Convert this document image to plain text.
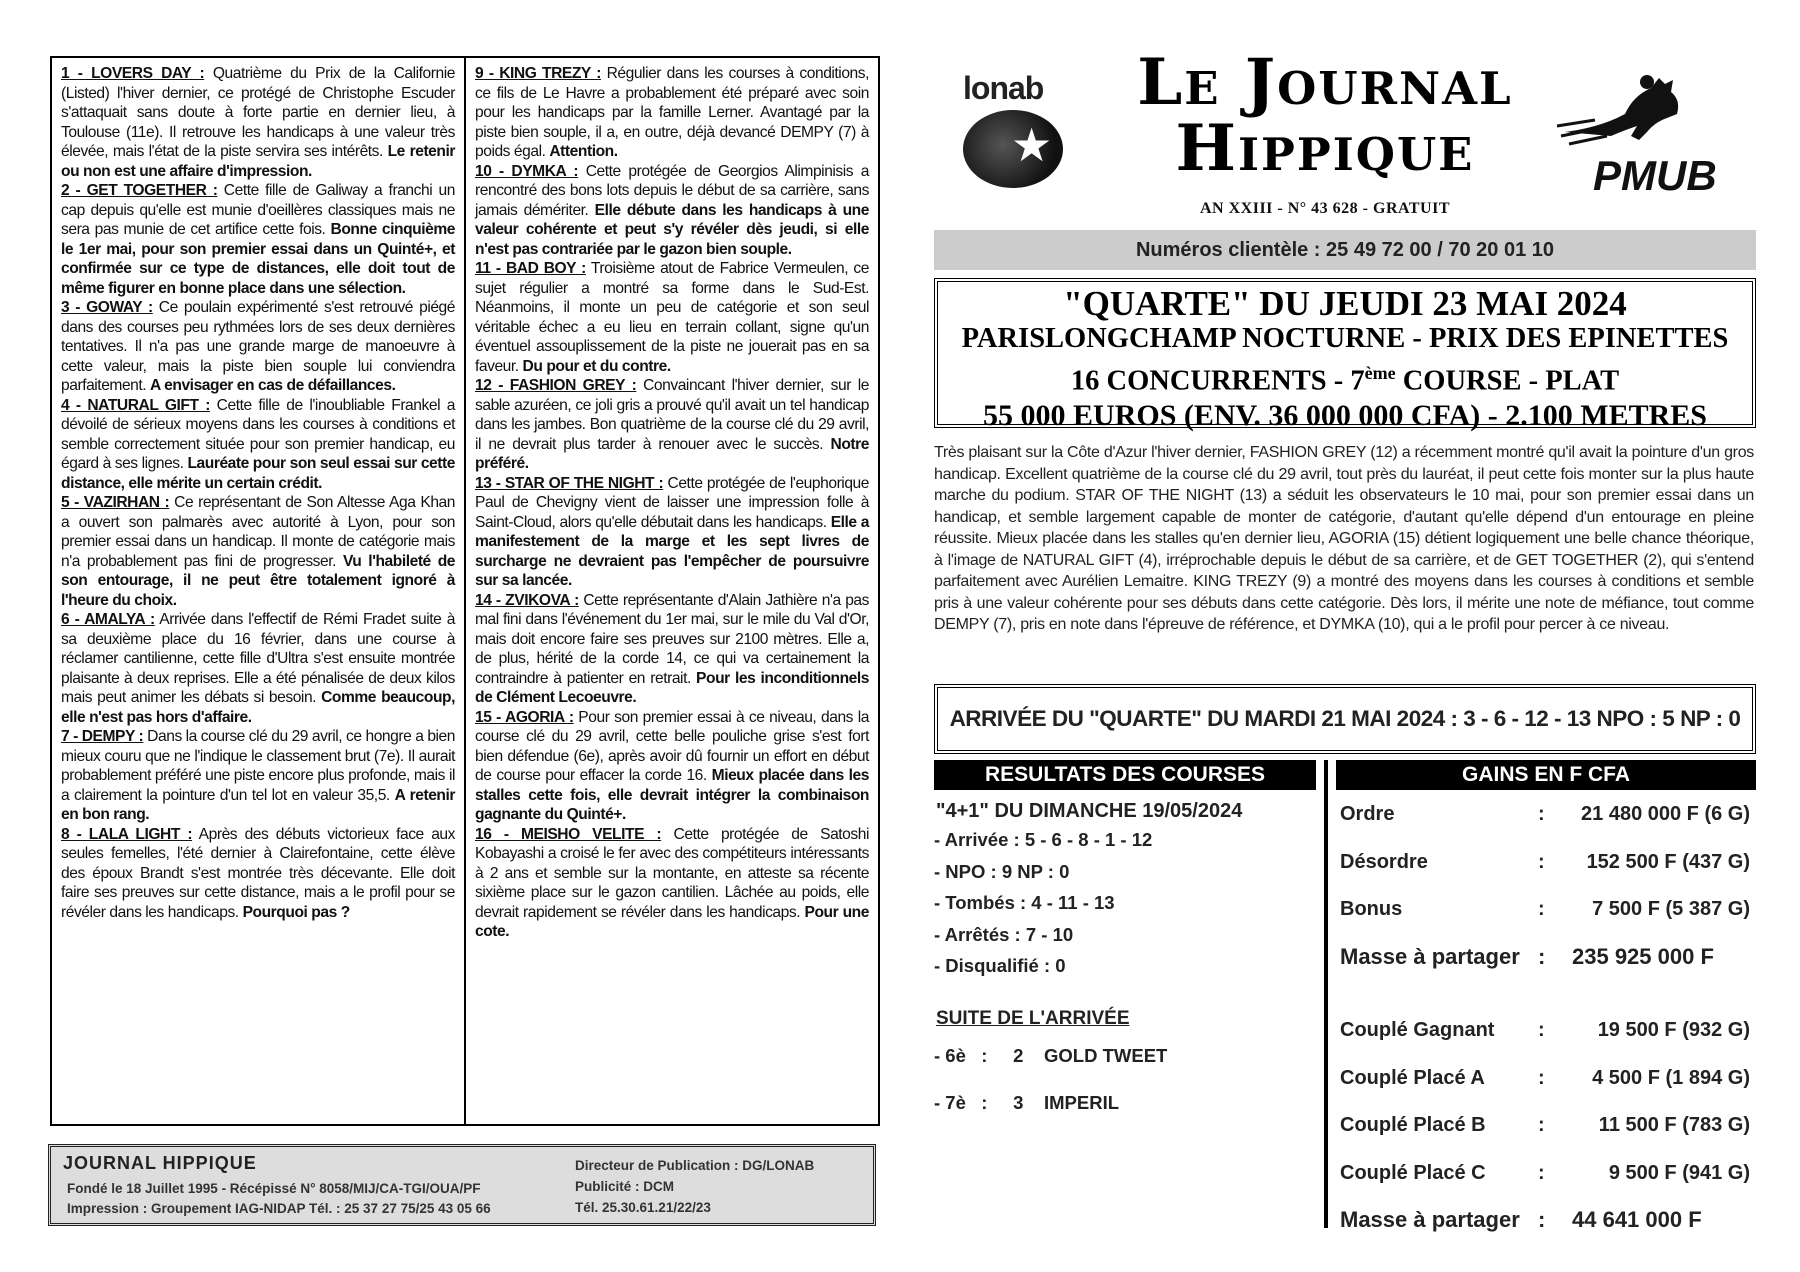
1 - LOVERS DAY : Quatrième du Prix de la Californie (Listed) l'hiver dernier, ce protégé de Christophe Escuder s'attaquait sans doute à forte partie en dernier lieu, à Toulouse (11e). Il retrouve les handicaps à une valeur très élevée, mais l'état de la piste servira ses intérêts. Le retenir ou non est une affaire d'impression.
2 - GET TOGETHER : Cette fille de Galiway a franchi un cap depuis qu'elle est munie d'oeillères classiques mais ne sera pas munie de cet artifice cette fois. Bonne cinquième le 1er mai, pour son premier essai dans un Quinté+, et confirmée sur ce type de distances, elle doit tout de même figurer en bonne place dans une sélection.
3 - GOWAY : Ce poulain expérimenté s'est retrouvé piégé dans des courses peu rythmées lors de ses deux dernières tentatives. Il n'a pas une grande marge de manoeuvre à cette valeur, mais la piste bien souple lui conviendra parfaitement. A envisager en cas de défaillances.
4 - NATURAL GIFT : Cette fille de l'inoubliable Frankel a dévoilé de sérieux moyens dans les courses à conditions et semble correctement située pour son premier handicap, eu égard à ses lignes. Lauréate pour son seul essai sur cette distance, elle mérite un certain crédit.
5 - VAZIRHAN : Ce représentant de Son Altesse Aga Khan a ouvert son palmarès avec autorité à Lyon, pour son premier essai dans un handicap. Il monte de catégorie mais n'a probablement pas fini de progresser. Vu l'habileté de son entourage, il ne peut être totalement ignoré à l'heure du choix.
6 - AMALYA : Arrivée dans l'effectif de Rémi Fradet suite à sa deuxième place du 16 février, dans une course à réclamer cantilienne, cette fille d'Ultra s'est ensuite montrée plaisante à deux reprises. Elle a été pénalisée de deux kilos mais peut animer les débats si besoin. Comme beaucoup, elle n'est pas hors d'affaire.
7 - DEMPY : Dans la course clé du 29 avril, ce hongre a bien mieux couru que ne l'indique le classement brut (7e). Il aurait probablement préféré une piste encore plus profonde, mais il a clairement la pointure d'un tel lot en valeur 35,5. A retenir en bon rang.
8 - LALA LIGHT : Après des débuts victorieux face aux seules femelles, l'été dernier à Clairefontaine, cette élève des époux Brandt s'est montrée très décevante. Elle doit faire ses preuves sur cette distance, mais a le profil pour se révéler dans les handicaps. Pourquoi pas ?
9 - KING TREZY : Régulier dans les courses à conditions, ce fils de Le Havre a probablement été préparé avec soin pour les handicaps par la famille Lerner. Avantagé par la piste bien souple, il a, en outre, déjà devancé DEMPY (7) à poids égal. Attention.
10 - DYMKA : Cette protégée de Georgios Alimpinisis a rencontré des bons lots depuis le début de sa carrière, sans jamais démériter. Elle débute dans les handicaps à une valeur cohérente et peut s'y révéler dès jeudi, si elle n'est pas contrariée par le gazon bien souple.
11 - BAD BOY : Troisième atout de Fabrice Vermeulen, ce sujet régulier a montré sa forme dans le Sud-Est. Néanmoins, il monte un peu de catégorie et son seul véritable échec a eu lieu en terrain collant, signe qu'un éventuel assouplissement de la piste ne jouerait pas en sa faveur. Du pour et du contre.
12 - FASHION GREY : Convaincant l'hiver dernier, sur le sable azuréen, ce joli gris a prouvé qu'il avait un tel handicap dans les jambes. Bon quatrième de la course clé du 29 avril, il ne devrait plus tarder à renouer avec le succès. Notre préféré.
13 - STAR OF THE NIGHT : Cette protégée de l'euphorique Paul de Chevigny vient de laisser une impression folle à Saint-Cloud, alors qu'elle débutait dans les handicaps. Elle a manifestement de la marge et les sept livres de surcharge ne devraient pas l'empêcher de poursuivre sur sa lancée.
14 - ZVIKOVA : Cette représentante d'Alain Jathière n'a pas mal fini dans l'événement du 1er mai, sur le mile du Val d'Or, mais doit encore faire ses preuves sur 2100 mètres. Elle a, de plus, hérité de la corde 14, ce qui va certainement la contraindre à patienter en retrait. Pour les inconditionnels de Clément Lecoeuvre.
15 - AGORIA : Pour son premier essai à ce niveau, dans la course clé du 29 avril, cette belle pouliche grise s'est fort bien défendue (6e), après avoir dû fournir un effort en début de course pour effacer la corde 16. Mieux placée dans les stalles cette fois, elle devrait intégrer la combinaison gagnante du Quinté+.
16 - MEISHO VELITE : Cette protégée de Satoshi Kobayashi a croisé le fer avec des compétiteurs intéressants à 2 ans et semble sur la montante, en atteste sa récente sixième place sur le gazon cantilien. Lâchée au poids, elle devrait rapidement se révéler dans les handicaps. Pour une cote.
JOURNAL HIPPIQUE
Fondé le 18 Juillet 1995 - Récépissé N° 8058/MIJ/CA-TGI/OUA/PF
Impression : Groupement IAG-NIDAP Tél. : 25 37 27 75/25 43 05 66
Directeur de Publication : DG/LONAB
Publicité : DCM
Tél. 25.30.61.21/22/23
★
lonab	Le Journal
Hippique
AN XXIII - N° 43 628 - GRATUIT
PMUB
Numéros clientèle : 25 49 72 00 / 70 20 01 10
"QUARTE" DU JEUDI 23 MAI 2024
PARISLONGCHAMP NOCTURNE - PRIX DES EPINETTES
16 CONCURRENTS - 7ème COURSE - PLAT
55 000 EUROS (ENV. 36 000 000 CFA) - 2.100 METRES
Très plaisant sur la Côte d'Azur l'hiver dernier, FASHION GREY (12) a récemment montré qu'il avait la pointure d'un gros handicap. Excellent quatrième de la course clé du 29 avril, tout près du lauréat, il peut cette fois monter sur la plus haute marche du podium. STAR OF THE NIGHT (13) a séduit les observateurs le 10 mai, pour son premier essai dans un handicap, et semble largement capable de monter de catégorie, d'autant qu'elle dépend d'un entourage en pleine réussite. Mieux placée dans les stalles qu'en dernier lieu, AGORIA (15) détient logiquement une belle chance théorique, à l'image de NATURAL GIFT (4), irréprochable depuis le début de sa carrière, et de GET TOGETHER (2), qui s'entend parfaitement avec Aurélien Lemaitre. KING TREZY (9) a montré des moyens dans les courses à conditions et semble pris à une valeur cohérente pour ses débuts dans cette catégorie. Dès lors, il mérite une note de méfiance, tout comme DEMPY (7), pris en note dans l'épreuve de référence, et DYMKA (10), qui a le profil pour percer à ce niveau.
ARRIVÉE DU "QUARTE" DU MARDI 21 MAI 2024 : 3 - 6 - 12 - 13 NPO : 5 NP : 0
RESULTATS DES COURSES	GAINS EN F CFA
"4+1" DU DIMANCHE 19/05/2024
- Arrivée : 5 - 6 - 8 - 1 - 12
- NPO : 9 NP : 0
- Tombés : 4 - 11 - 13
- Arrêtés : 7 - 10
- Disqualifié : 0
SUITE DE L'ARRIVÉE
- 6è   :     2    GOLD TWEET
- 7è   :     3    IMPERIL
Ordre	:	21 480 000 F (6 G)
Désordre	:	152 500 F (437 G)
Bonus	:	7 500 F (5 387 G)
Masse à partager : 235 925 000 F
Couplé Gagnant :	19 500 F (932 G)
Couplé Placé A	:	4 500 F (1 894 G)
Couplé Placé B	:	11 500 F (783 G)
Couplé Placé C	:	9 500 F (941 G)
Masse à partager : 44 641 000 F
